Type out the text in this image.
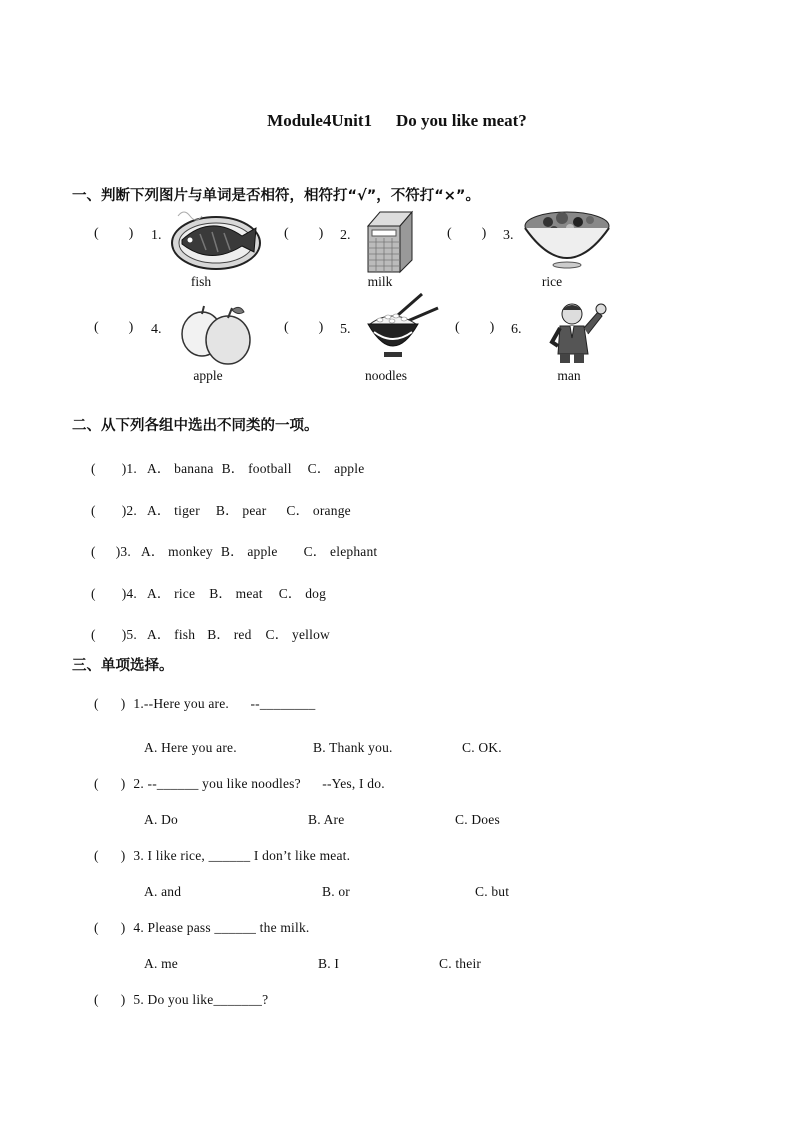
Module4Unit1 Do you like meat?
一、判断下列图片与单词是否相符，相符打“√”，不符打“×”。
( ) 1.	( ) 2.	( ) 3.
fish	milk	rice
( ) 4.	( ) 5.	( ) 6.
apple	noodles	man
二、从下列各组中选出不同类的一项。
( )1. A． banana B． football C． apple
( )2. A． tiger B． pear C． orange
( )3. A． monkey B． apple C． elephant
( )4. A． rice B． meat C． dog
( )5. A． fish B． red C． yellow
三、单项选择。
( ) 1.--Here you are.      --________
A. Here you are.	B. Thank you.	C. OK.
( ) 2. --______ you like noodles?      --Yes, I do.
A. Do	B. Are	C. Does
( ) 3. I like rice, ______ I don’t like meat.
A. and	B. or	C. but
( ) 4. Please pass ______ the milk.
A. me	B. I	C. their
( ) 5. Do you like_______?
